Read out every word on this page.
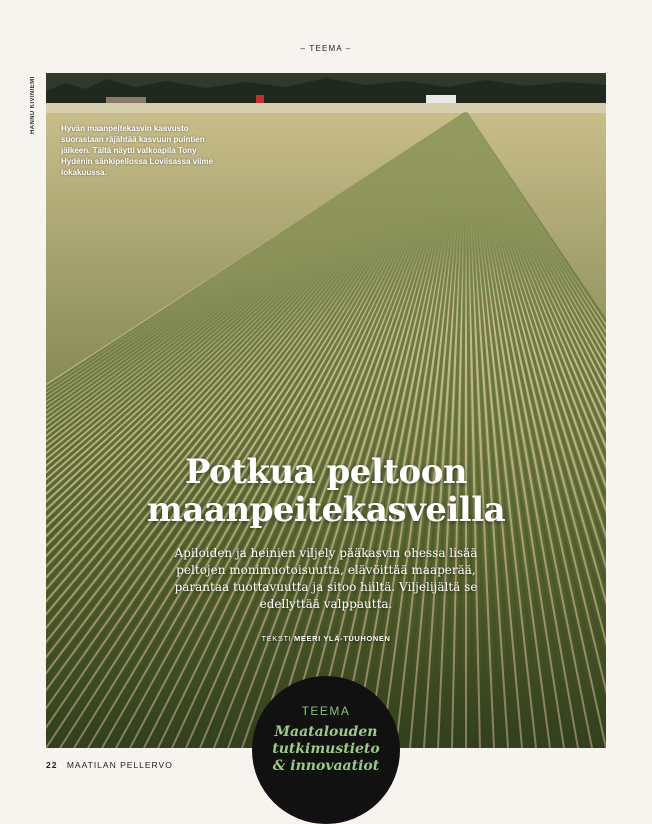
– TEEMA –
HANNU KIVINIEMI	Hyvän maanpeitekasvin kasvusto suorastaan räjähtää kasvuun puintien jälkeen. Tältä näytti valkoapila Tony Hydénin sänkipellossa Loviisassa viime lokakuussa.
Potkua peltoon
maanpeitekasveilla
Apiloiden ja heinien viljely pääkasvin ohessa lisää peltojen monimuotoisuutta, elävöittää maaperää, parantaa tuottavuutta ja sitoo hiiltä. Viljelijältä se edellyttää valppautta.
TEKSTI MEERI YLÄ-TUUHONEN
TEEMA
Maatalouden tutkimustieto & innovaatiot
22 MAATILAN PELLERVO
